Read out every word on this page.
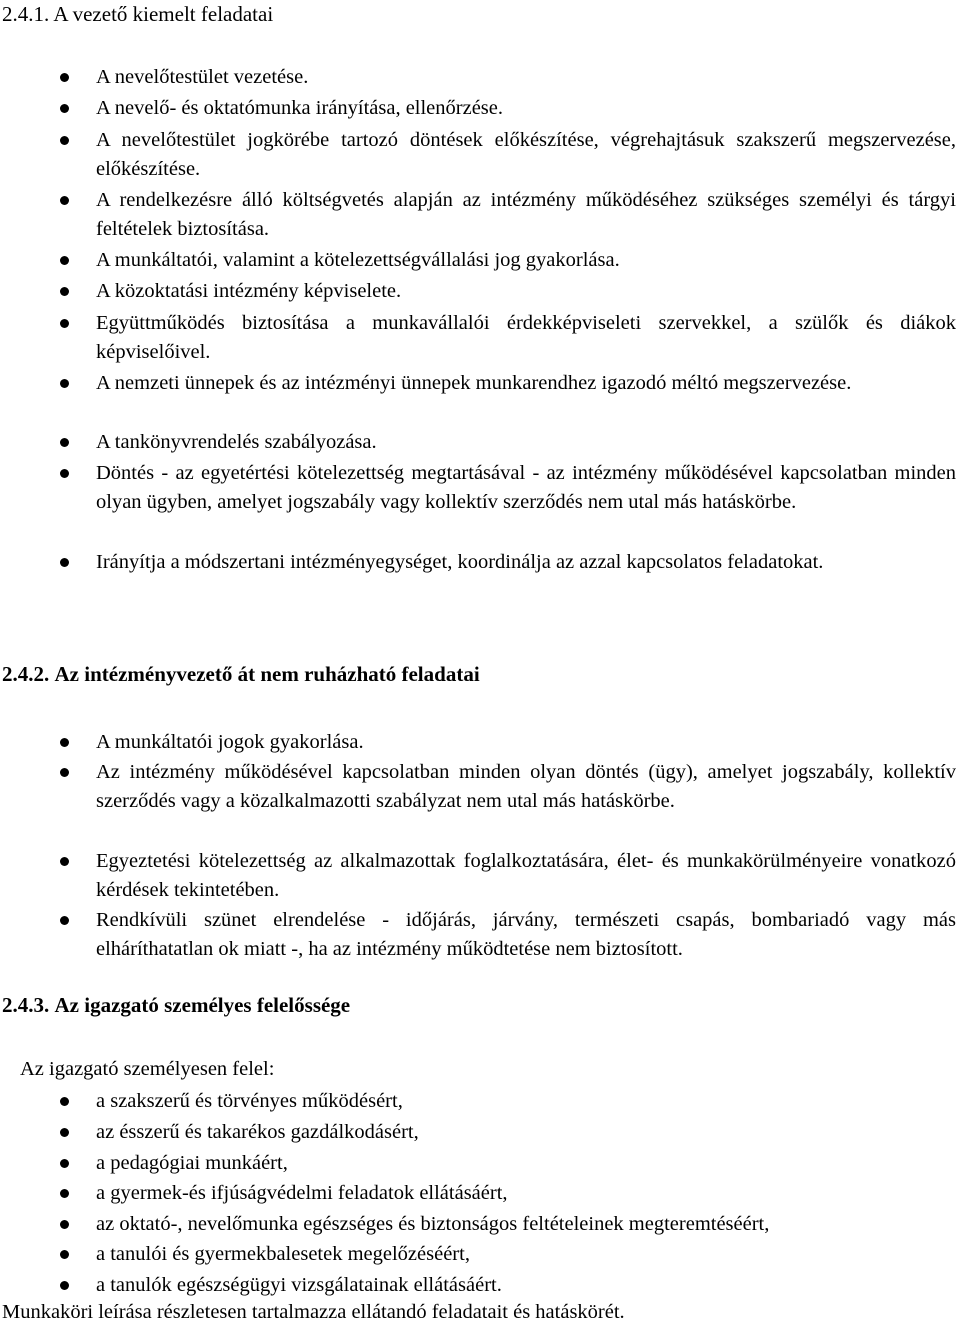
2.4.1. A vezető kiemelt feladatai
A nevelőtestület vezetése.
A nevelő- és oktatómunka irányítása, ellenőrzése.
A nevelőtestület jogkörébe tartozó döntések előkészítése, végrehajtásuk szakszerű megszervezése, előkészítése.
A rendelkezésre álló költségvetés alapján az intézmény működéséhez szükséges személyi és tárgyi feltételek biztosítása.
A munkáltatói, valamint a kötelezettségvállalási jog gyakorlása.
A közoktatási intézmény képviselete.
Együttműködés biztosítása a munkavállalói érdekképviseleti szervekkel, a szülők és diákok képviselőivel.
A nemzeti ünnepek és az intézményi ünnepek munkarendhez igazodó méltó megszervezése.
A tankönyvrendelés szabályozása.
Döntés - az egyetértési kötelezettség megtartásával - az intézmény működésével kapcsolatban minden olyan ügyben, amelyet jogszabály vagy kollektív szerződés nem utal más hatáskörbe.
Irányítja a módszertani intézményegységet, koordinálja az azzal kapcsolatos feladatokat.
2.4.2. Az intézményvezető át nem ruházható feladatai
A munkáltatói jogok gyakorlása.
Az intézmény működésével kapcsolatban minden olyan döntés (ügy), amelyet jogszabály, kollektív szerződés vagy a közalkalmazotti szabályzat nem utal más hatáskörbe.
Egyeztetési kötelezettség az alkalmazottak foglalkoztatására, élet- és munkakörülményeire vonatkozó kérdések tekintetében.
Rendkívüli szünet elrendelése - időjárás, járvány, természeti csapás, bombariadó vagy más elháríthatatlan ok miatt -, ha az intézmény működtetése nem biztosított.
2.4.3. Az igazgató személyes felelőssége
Az igazgató személyesen felel:
a szakszerű és törvényes működésért,
az ésszerű és takarékos gazdálkodásért,
a pedagógiai munkáért,
a gyermek-és ifjúságvédelmi feladatok ellátásáért,
az oktató-, nevelőmunka egészséges és biztonságos feltételeinek megteremtéséért,
a tanulói és gyermekbalesetek megelőzéséért,
a tanulók egészségügyi vizsgálatainak ellátásáért.
Munkaköri leírása részletesen tartalmazza ellátandó feladatait és hatáskörét.
